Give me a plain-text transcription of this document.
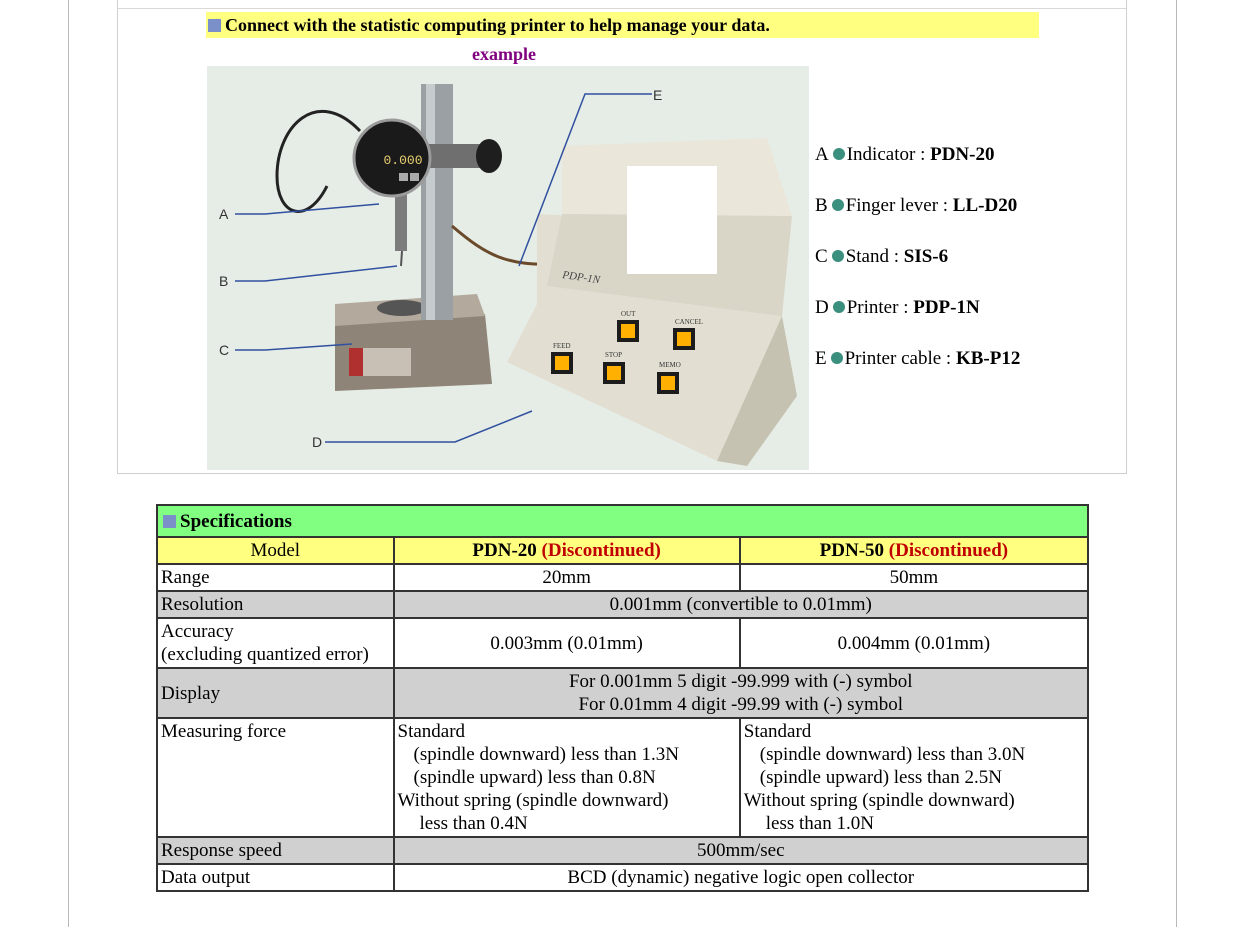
Connect with the statistic computing printer to help manage your data.
example
0.000
PDP-1N
OUT
CANCEL
FEED
STOP
MEMO
A
B
C
D
E
A Indicator : PDN-20
B Finger lever : LL-D20
C Stand : SIS-6
D Printer : PDP-1N
E Printer cable : KB-P12
Specifications		
Model	PDN-20 (Discontinued)	PDN-50 (Discontinued)
Range	20mm	50mm
Resolution	0.001mm (convertible to 0.01mm)	
Accuracy
(excluding quantized error)	0.003mm (0.01mm)	0.004mm (0.01mm)
Display	For 0.001mm 5 digit -99.999 with (-) symbol
For 0.01mm 4 digit -99.99 with (-) symbol	
Measuring force	Standard
(spindle downward) less than 1.3N
(spindle upward) less than 0.8N
Without spring (spindle downward)
less than 0.4N	Standard
(spindle downward) less than 3.0N
(spindle upward) less than 2.5N
Without spring (spindle downward)
less than 1.0N

Response speed	500mm/sec	
Data output	BCD (dynamic) negative logic open collector	
